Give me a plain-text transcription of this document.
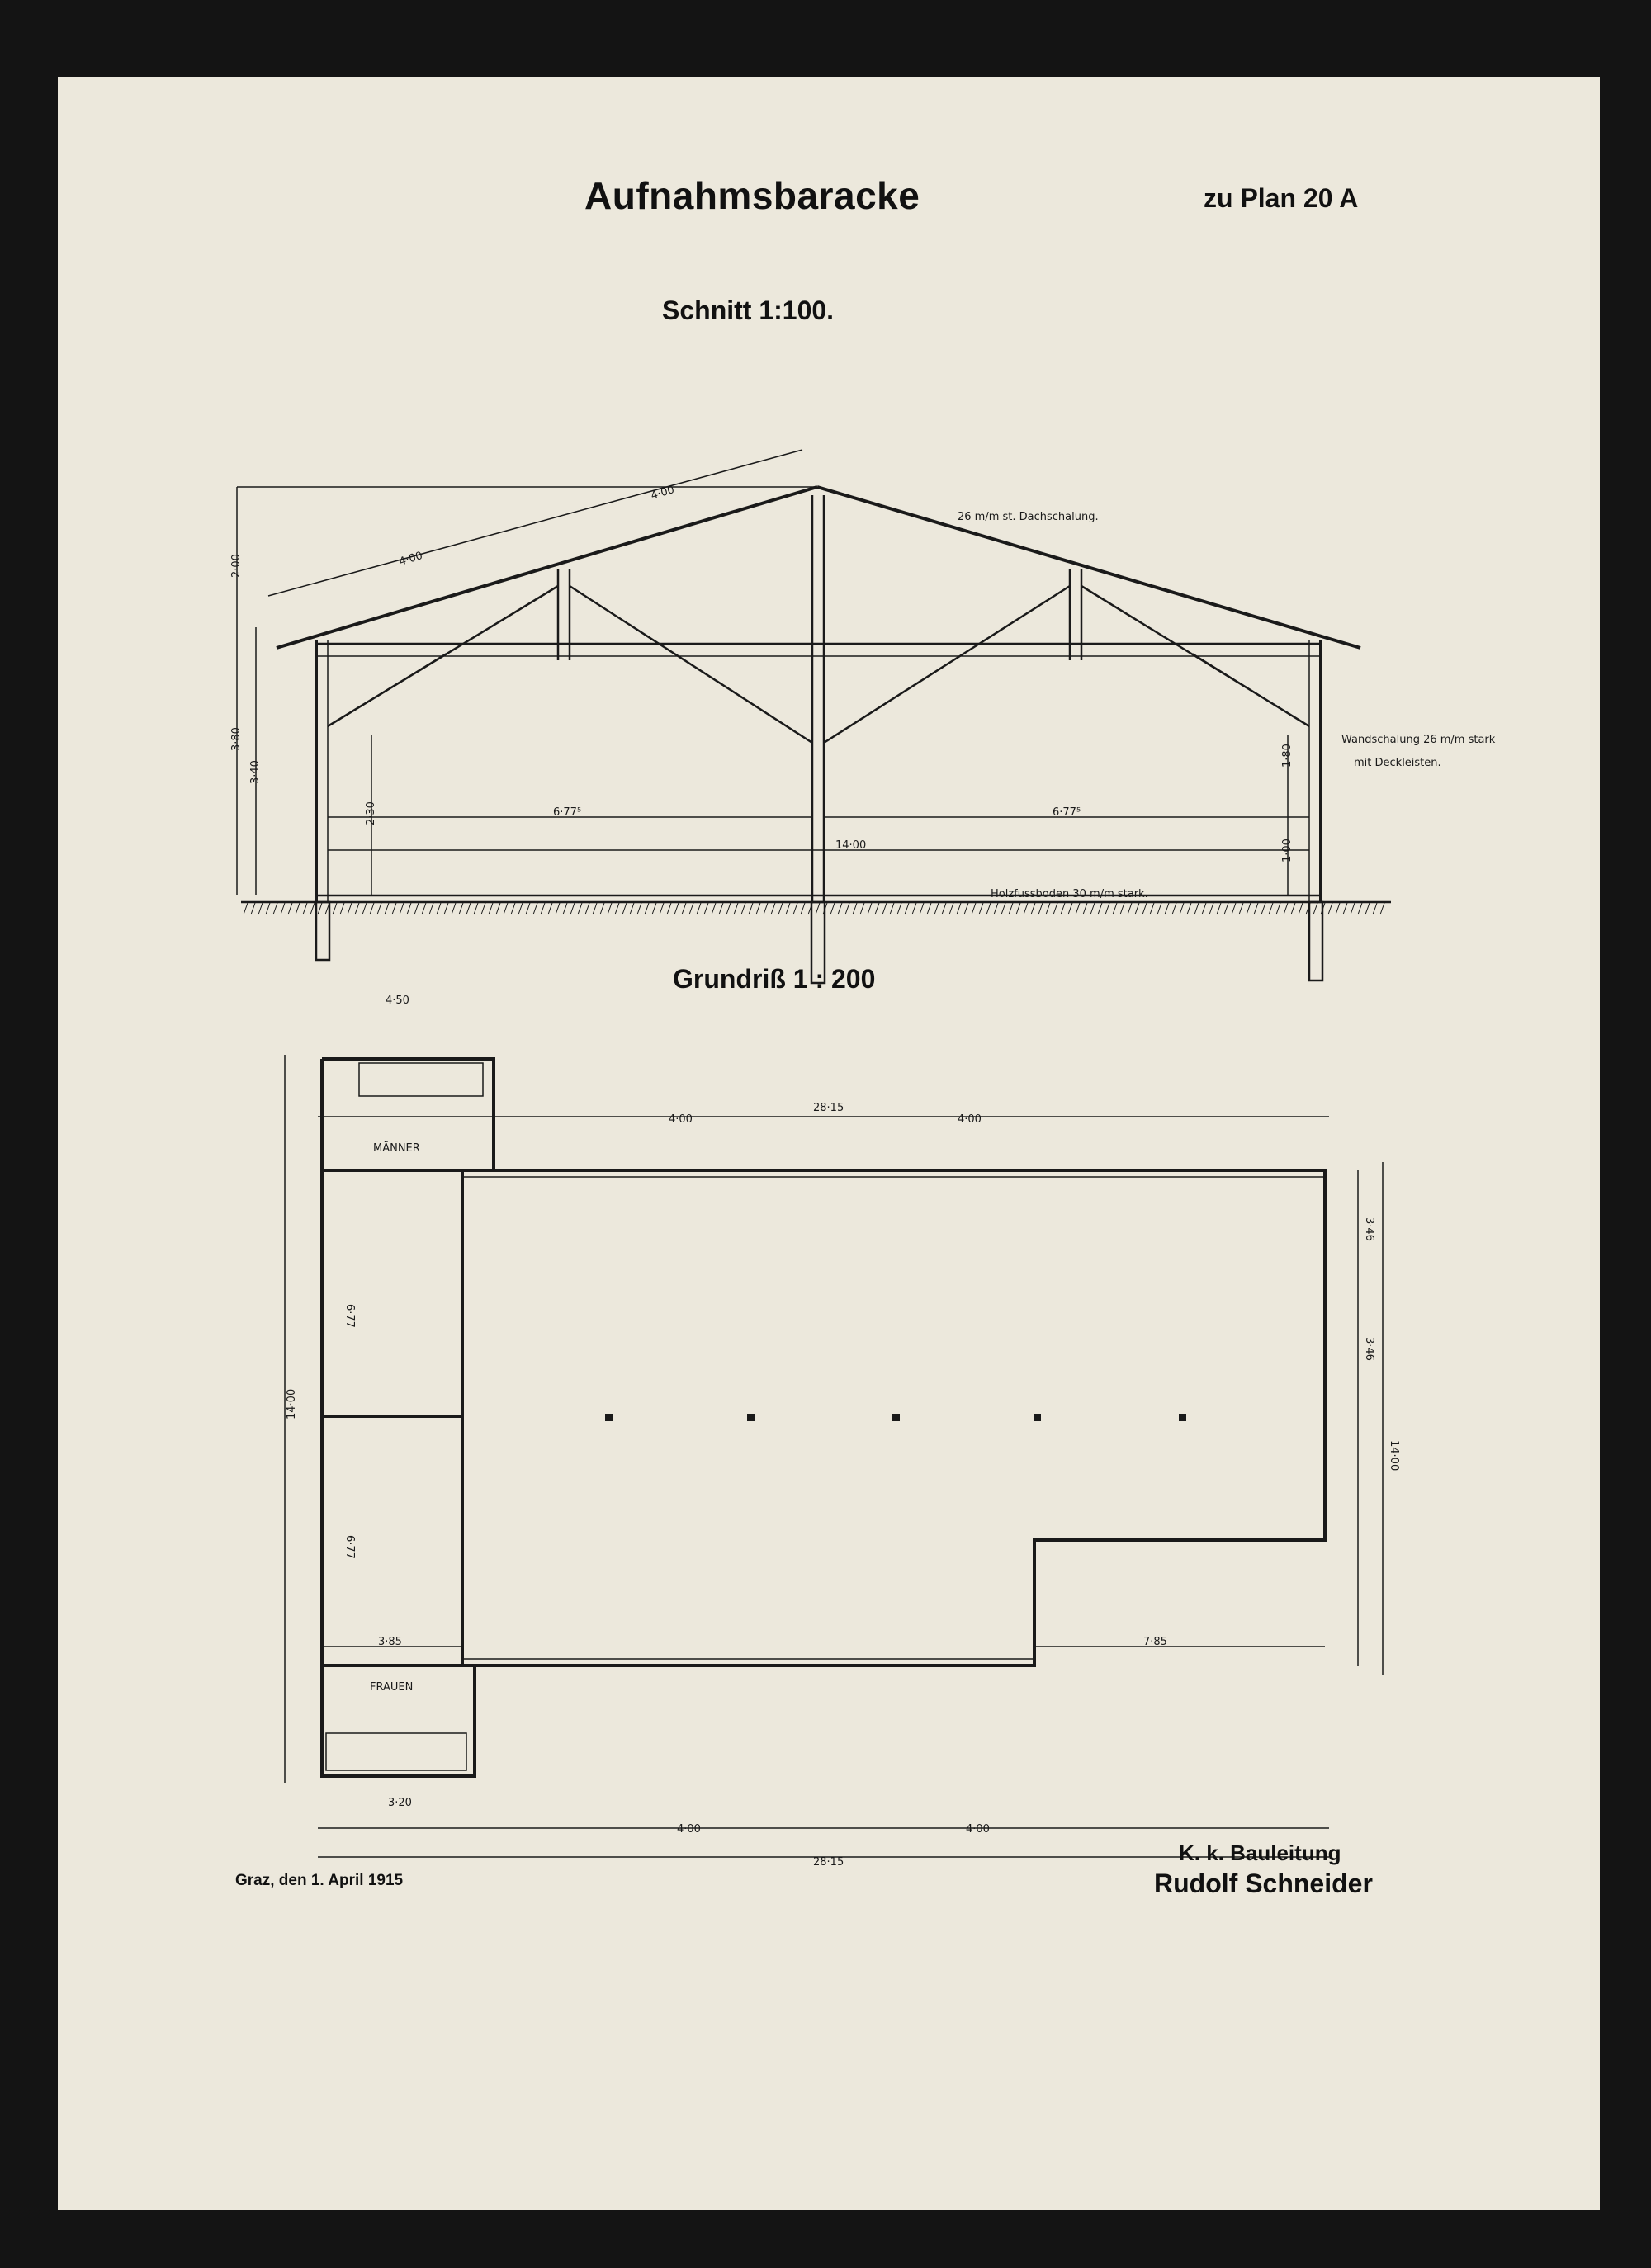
4·00
4·00
2·00
3·80
3·40
2·30	6·77⁵	6·77⁵
14·00
1·80
1·00
26 m/m st. Dachschalung.
Wandschalung 26 m/m stark
mit Deckleisten.
Holzfussboden 30 m/m stark.
MÄNNER
FRAUEN
28·15
28·15
4·00	4·00
4·00	4·00
14·00
14·00
6·77
6·77
4·50
3·20
3·46
3·46
7·85
3·85
Aufnahmsbaracke	zu Plan 20 A
Schnitt 1:100.
Grundriß 1 : 200
Graz, den 1. April 1915
K. k. Bauleitung
Rudolf Schneider
